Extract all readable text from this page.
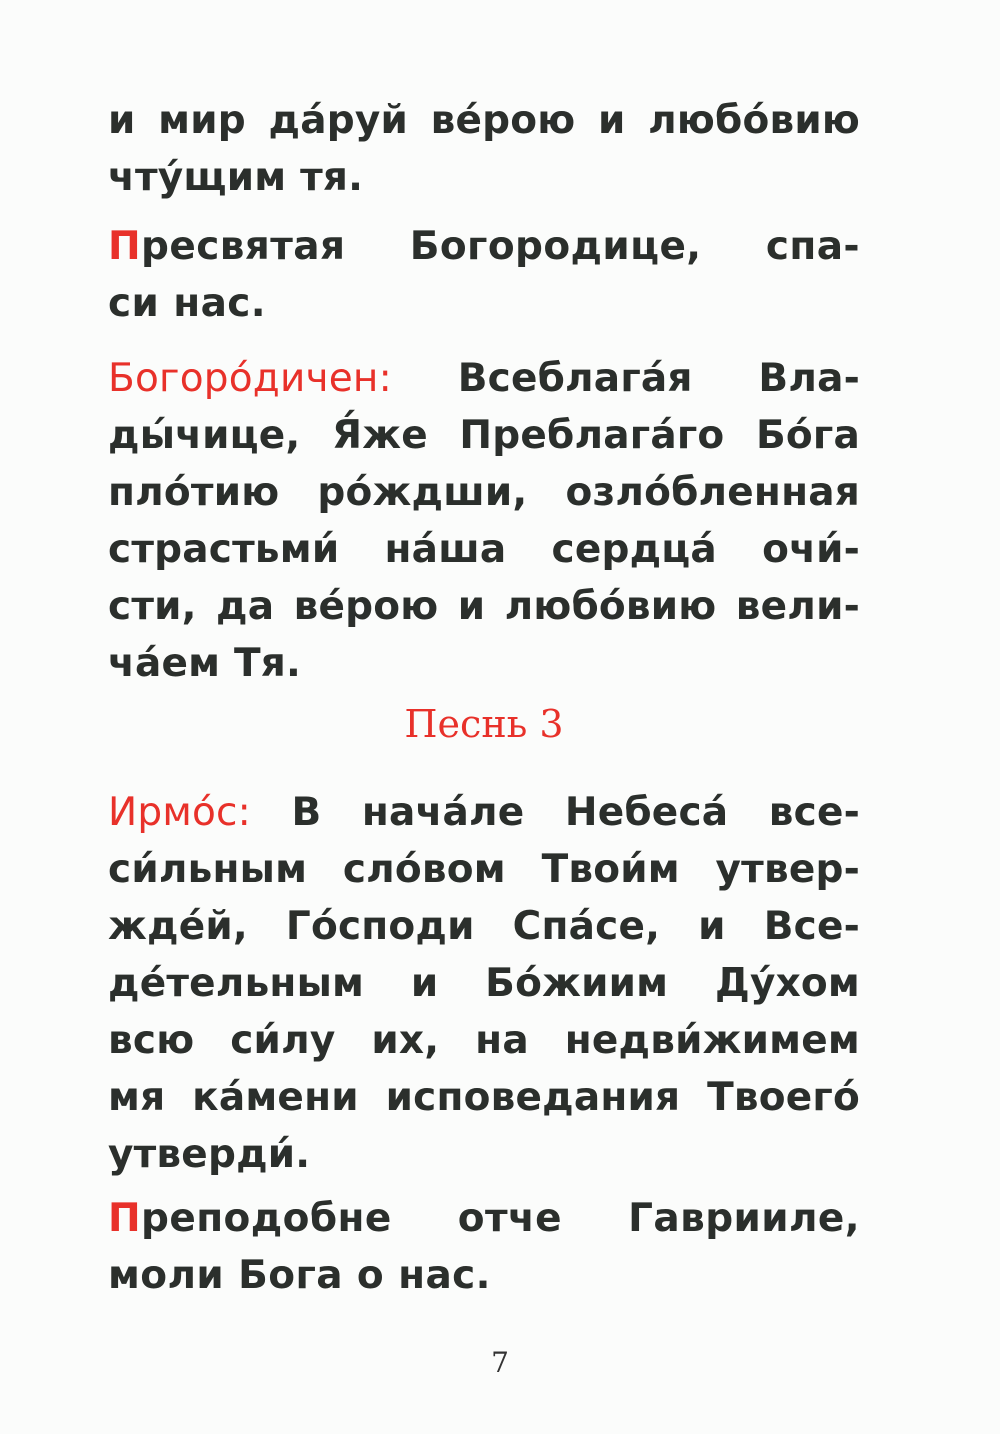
и мир да́руй ве́рою и любо́вию
чту́щим тя.
Пресвятая Богородице, спа-
си нас.
Богоро́дичен: Всеблага́я Вла-
ды́чице, Я́же Преблага́го Бо́га
пло́тию ро́ждши, озло́бленная
страстьми́ на́ша сердца́ очи́-
сти, да ве́рою и любо́вию вели-
ча́ем Тя.
Песнь 3
Ирмо́с: В нача́ле Небеса́ все-
си́льным сло́вом Твои́м утвер-
жде́й, Го́споди Спа́се, и Все-
де́тельным и Бо́жиим Ду́хом
всю си́лу их, на недви́жимем
мя ка́мени исповедания Твоего́
утверди́.
Преподобне отче Гаврииле,
моли Бога о нас.
7
